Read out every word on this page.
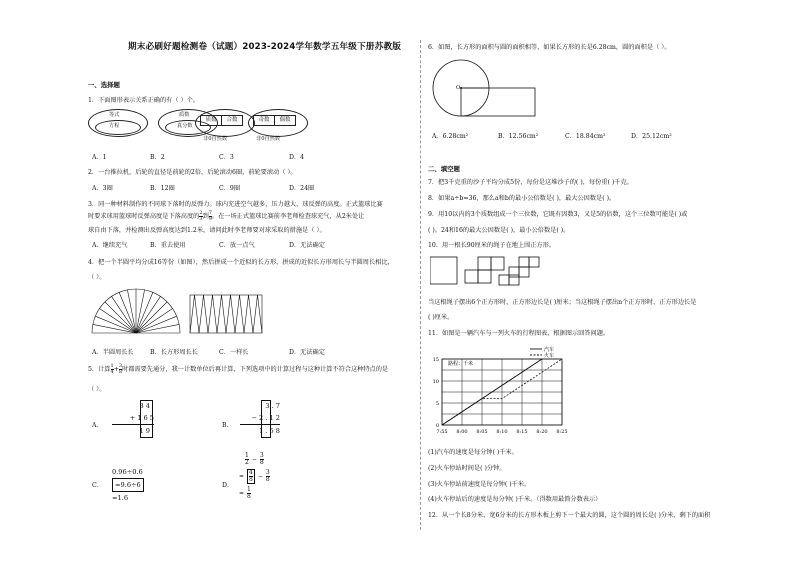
期末必刷好题检测卷（试题）2023-2024学年数学五年级下册苏教版
一、选择题
1．下面图形表示关系正确的有（ ）个。
等式
方程
质数
真分数
质数	合数
非0自然数
奇数	偶数
非0自然数
A．1	B．2	C．3	D．4
2．一台推拉机，后轮的直径是前轮的2倍，后轮滚动6圈，前轮要滚动（ ）。
A．3圈	B．12圈	C．9圈	D．24圈
3．同一种材料制作的不同球下落时的反弹力。球内充进空气越多，压力越大，球反弹的高度。正式篮球比赛
时要求球用篮球时反弹高度是下落高度的 $\frac{2}{3}$ 到 $\frac{7}{9}$ 。在一场正式篮球比赛前李老师检查球充气，从2米处让
球自由下落，并检测出反弹高度达到1.2米，请问此时李老师要对球采取的措施是（ ）。
A．继续充气	B．重去使用	C．放一点气	D．无法确定
4．把一个半圆平均分成16等份（如图），然后拼成一个近似的长方形，拼成的近似长方形周长与半圆周长相比，
（ ）。
A．半圆周长长	B．长方形周长长	C．一样长	D．无法确定
5．计算 $\frac{1}{4} + \frac{3}{8}$ 时都需要先通分，我一计数单位后再计算，下列选项中的计算过程与这种计算不符合这种特点的是
（ ）。
A．
3 4
+ 1 6 5
1 9
B．
3 . 7
− 2 . 1 2
1 . 5 8
C．
0.96÷0.6
=9.6÷6
=1.6
D．
1
$2 - \frac{3}{8}$
= $\frac{4}{8} - \frac{3}{8}$
= $\frac{1}{8}$
6．如图，长方形的面积与圆的面积相等，如果长方形的长是6.28cm，圆的面积是（ ）。
O
A．6.28cm²	B．12.56cm²	C．18.84cm²	D．25.12cm²
二、填空题
7．把3千克重的沙子平均分成5份，每份是这堆沙子的( )，每份重( )千克。
8．如果a÷b=36，那么a和b的最小公倍数是( )，最大公因数是( )。
9．用10以内的3个质数组成一个三位数，它既有因数3，又是5的倍数，这个三位数可能是( )或
( )。24和16的最大公因数是( )，最小公倍数是( )。
10．用一根长90厘米的绳子在地上围正方形。
当这根绳子摆出6个正方形时，正方形边长是( )厘米；当这根绳子摆出n个正方形时，正方形边长是
( )厘米。
11．如图是一辆汽车与一列火车的行程图表，根据图示回答问题。
7:55 8:00 8:05 8:10 8:15 8:20 8:25
0
5
10
15
路程：千米
汽车
火车
(1)汽车的速度是每分钟( )千米。
(2)火车停站时间是( )分钟。
(3)火车停站前速度是每分钟( )千米。
(4)火车停站后的速度是每分钟( )千米。（得数用最简分数表示）
12．从一个长8分米、宽6分米的长方形木板上剪下一个最大的圆，这个圆的周长是( )分米，剩下的面积
